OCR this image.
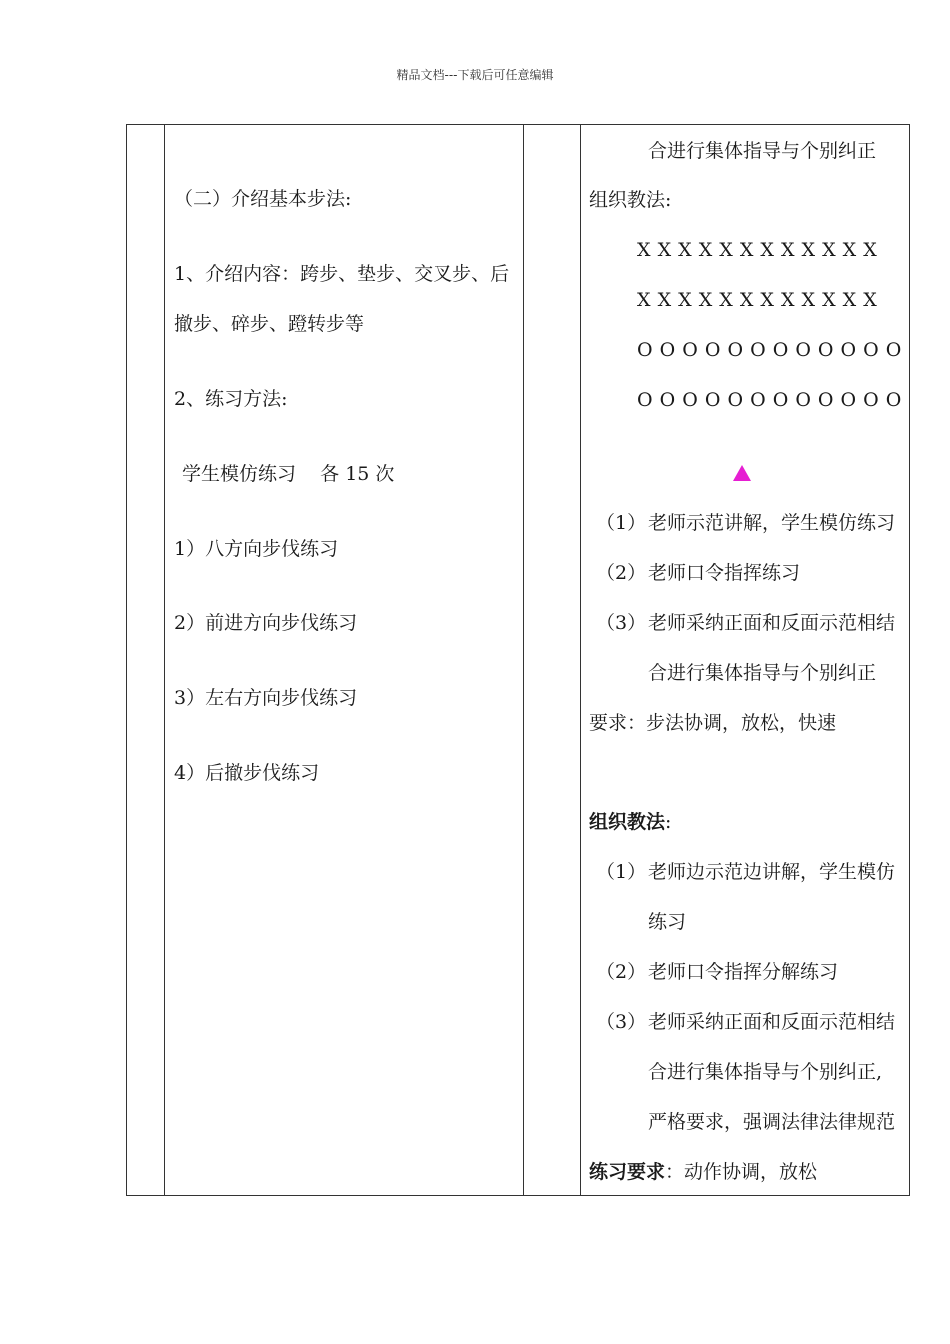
精品文档---下载后可任意编辑
（二）介绍基本步法:
1、介绍内容：跨步、垫步、交叉步、后
撤步、碎步、蹬转步等
2、练习方法:
学生模仿练习    各 15 次
1）八方向步伐练习
2）前进方向步伐练习
3）左右方向步伐练习
4）后撤步伐练习
合进行集体指导与个别纠正
组织教法:
X X X X X X X X X X X X
X X X X X X X X X X X X
O O O O O O O O O O O O
O O O O O O O O O O O O
（1） 老师示范讲解，学生模仿练习
（2） 老师口令指挥练习
（3） 老师采纳正面和反面示范相结
合进行集体指导与个别纠正
要求：步法协调，放松，快速
组织教法:
（1） 老师边示范边讲解，学生模仿
练习
（2） 老师口令指挥分解练习
（3） 老师采纳正面和反面示范相结
合进行集体指导与个别纠正,
严格要求，强调法律法律规范
练习要求：动作协调，放松
